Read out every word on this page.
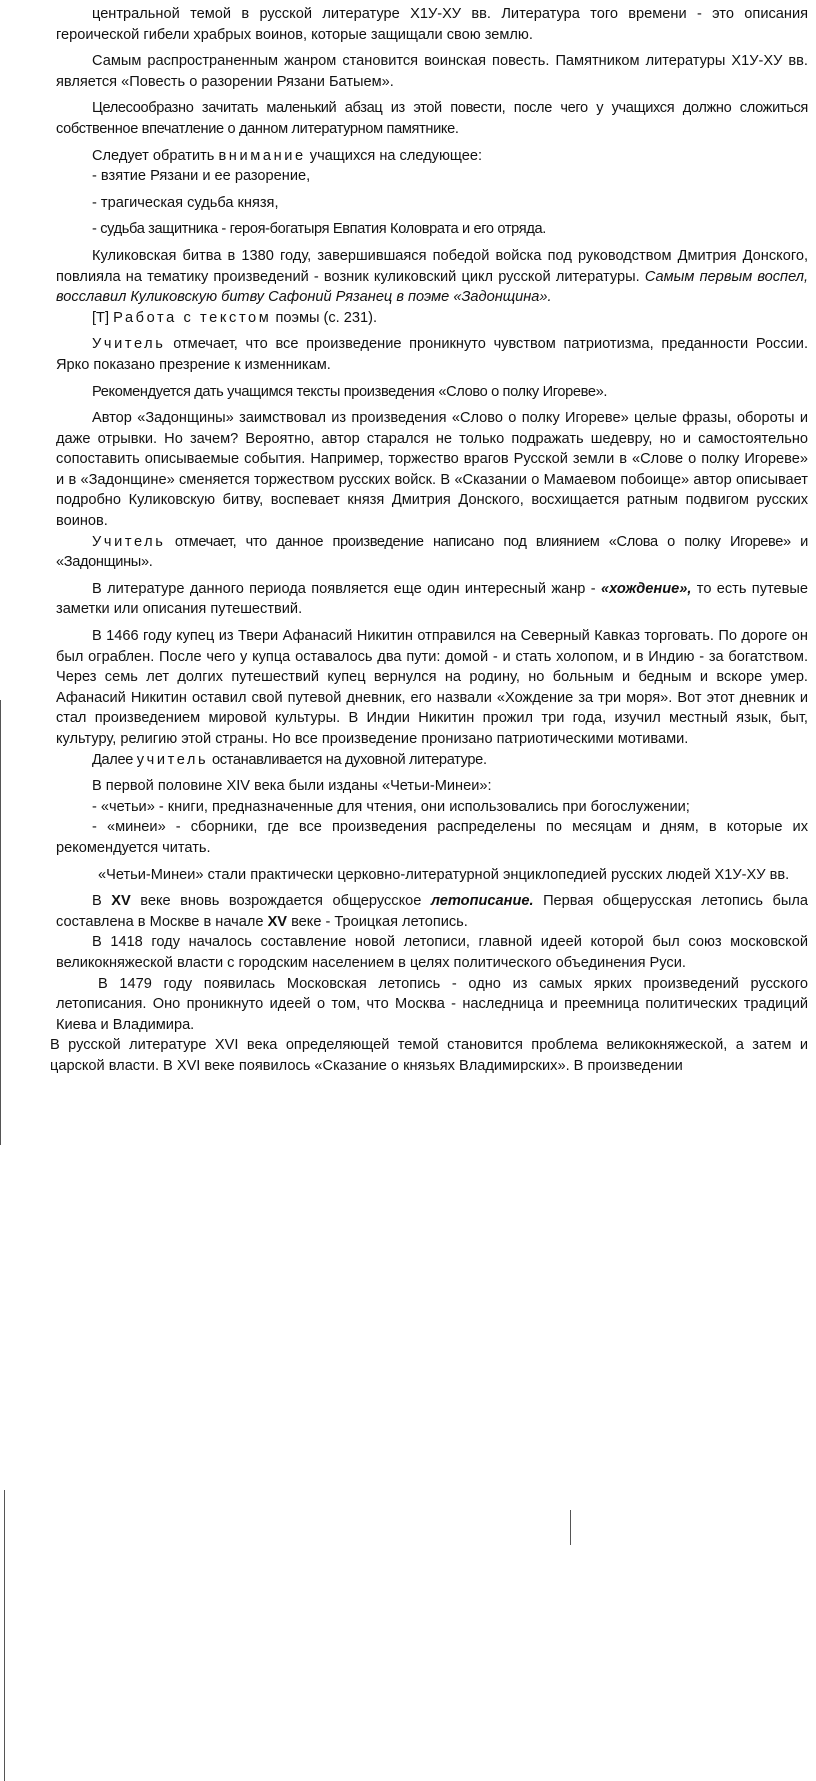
центральной темой в русской литературе Х1У-ХУ вв. Литература того времени - это описания героической гибели храбрых воинов, которые защищали свою землю.

Самым распространенным жанром становится воинская повесть. Памятником литературы Х1У-ХУ вв. является «Повесть о разорении Рязани Батыем».

Целесообразно зачитать маленький абзац из этой повести, после чего у учащихся должно сложиться собственное впечатление о данном литературном памятнике.

Следует обратить внимание учащихся на следующее:

- взятие Рязани и ее разорение,

- трагическая судьба князя,

- судьба защитника - героя-богатыря Евпатия Коловрата и его отряда.

Куликовская битва в 1380 году, завершившаяся победой войска под руководством Дмитрия Донского, повлияла на тематику произведений - возник куликовский цикл русской литературы. Самым первым воспел, восславил Куликовскую битву Сафоний Рязанец в поэме «Задонщина».

[Т] Работа с текстом поэмы (с. 231).

Учитель отмечает, что все произведение проникнуто чувством патриотизма, преданности России. Ярко показано презрение к изменникам.

Рекомендуется дать учащимся тексты произведения «Слово о полку Игореве».

Автор «Задонщины» заимствовал из произведения «Слово о полку Игореве» целые фразы, обороты и даже отрывки. Но зачем? Вероятно, автор старался не только подражать шедевру, но и самостоятельно сопоставить описываемые события. Например, торжество врагов Русской земли в «Слове о полку Игореве» и в «Задонщине» сменяется торжеством русских войск. В «Сказании о Мамаевом побоище» автор описывает подробно Куликовскую битву, воспевает князя Дмитрия Донского, восхищается ратным подвигом русских воинов.

Учитель отмечает, что данное произведение написано под влиянием «Слова о полку Игореве» и «Задонщины».

В литературе данного периода появляется еще один интересный жанр - «хождение», то есть путевые заметки или описания путешествий.

В 1466 году купец из Твери Афанасий Никитин отправился на Северный Кавказ торговать. По дороге он был ограблен. После чего у купца оставалось два пути: домой - и стать холопом, и в Индию - за богатством. Через семь лет долгих путешествий купец вернулся на родину, но больным и бедным и вскоре умер. Афанасий Никитин оставил свой путевой дневник, его назвали «Хождение за три моря». Вот этот дневник и стал произведением мировой культуры. В Индии Никитин прожил три года, изучил местный язык, быт, культуру, религию этой страны. Но все произведение пронизано патриотическими мотивами.

Далее учитель останавливается на духовной литературе.

В первой половине XIV века были изданы «Четьи-Минеи»:

- «четьи» - книги, предназначенные для чтения, они использовались при богослужении;

- «минеи» - сборники, где все произведения распределены по месяцам и дням, в которые их рекомендуется читать.

«Четьи-Минеи» стали практически церковно-литературной энциклопедией русских людей Х1У-ХУ вв.

В XV веке вновь возрождается общерусское летописание. Первая общерусская летопись была составлена в Москве в начале XV веке - Троицкая летопись.

В 1418 году началось составление новой летописи, главной идеей которой был союз московской великокняжеской власти с городским населением в целях политического объединения Руси.

В 1479 году появилась Московская летопись - одно из самых ярких произведений русского летописания. Оно проникнуто идеей о том, что Москва - наследница и преемница политических традиций Киева и Владимира.

В русской литературе XVI века определяющей темой становится проблема великокняжеской, а затем и царской власти. В XVI веке появилось «Сказание о князьях Владимирских». В произведении
